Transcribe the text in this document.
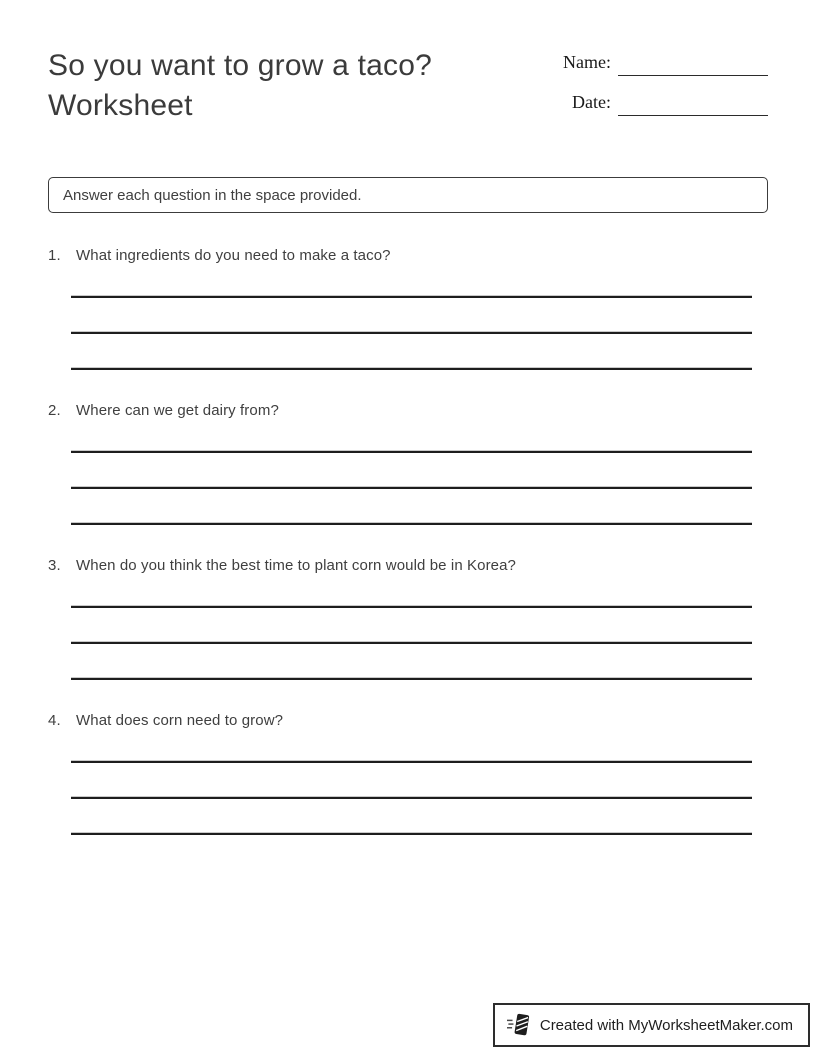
So you want to grow a taco? Worksheet
Name:
Date:
Answer each question in the space provided.
1.	What ingredients do you need to make a taco?
2.	Where can we get dairy from?
3.	When do you think the best time to plant corn would be in Korea?
4.	What does corn need to grow?
Created with MyWorksheetMaker.com
